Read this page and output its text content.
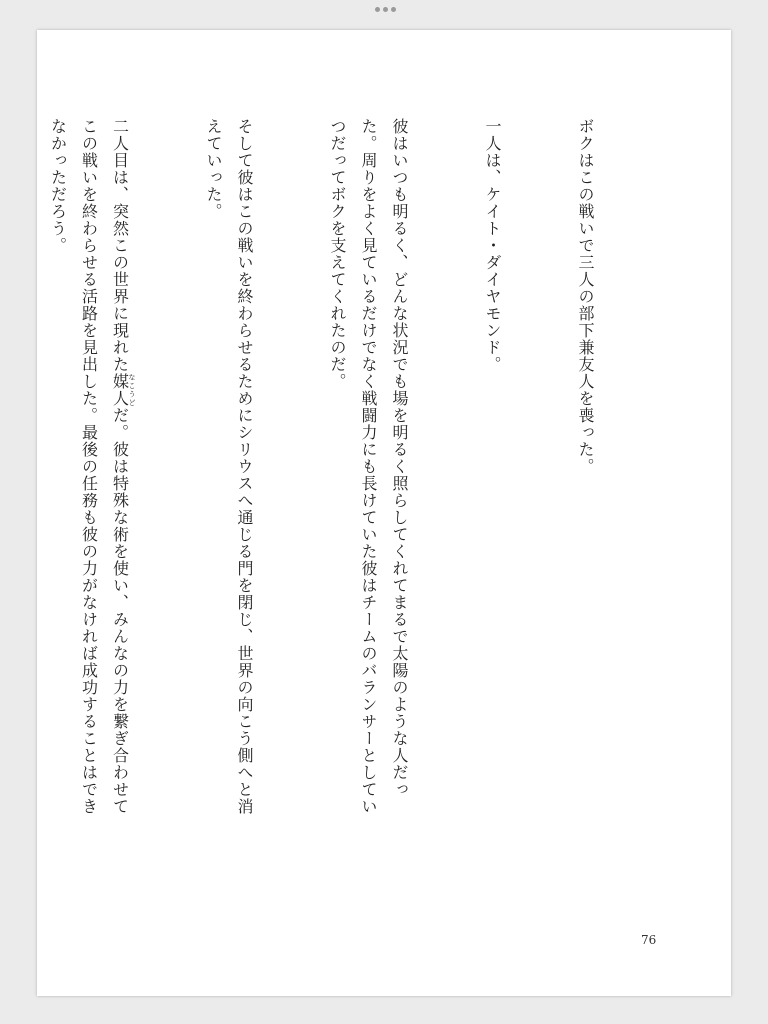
ボクはこの戦いで三人の部下兼友人を喪った。

一人は、ケイト・ダイヤモンド。

彼はいつも明るく、どんな状況でも場を明るく照らしてくれてまるで太陽のような人だった。周りをよく見ているだけでなく戦闘力にも長けていた彼はチームのバランサーとしていつだってボクを支えてくれたのだ。

そして彼はこの戦いを終わらせるためにシリウスへ通じる門を閉じ、世界の向こう側へと消えていった。

二人目は、突然この世界に現れた媒人なこうどだ。彼は特殊な術を使い、みんなの力を繋ぎ合わせてこの戦いを終わらせる活路を見出した。最後の任務も彼の力がなければ成功することはできなかっただろう。

76
